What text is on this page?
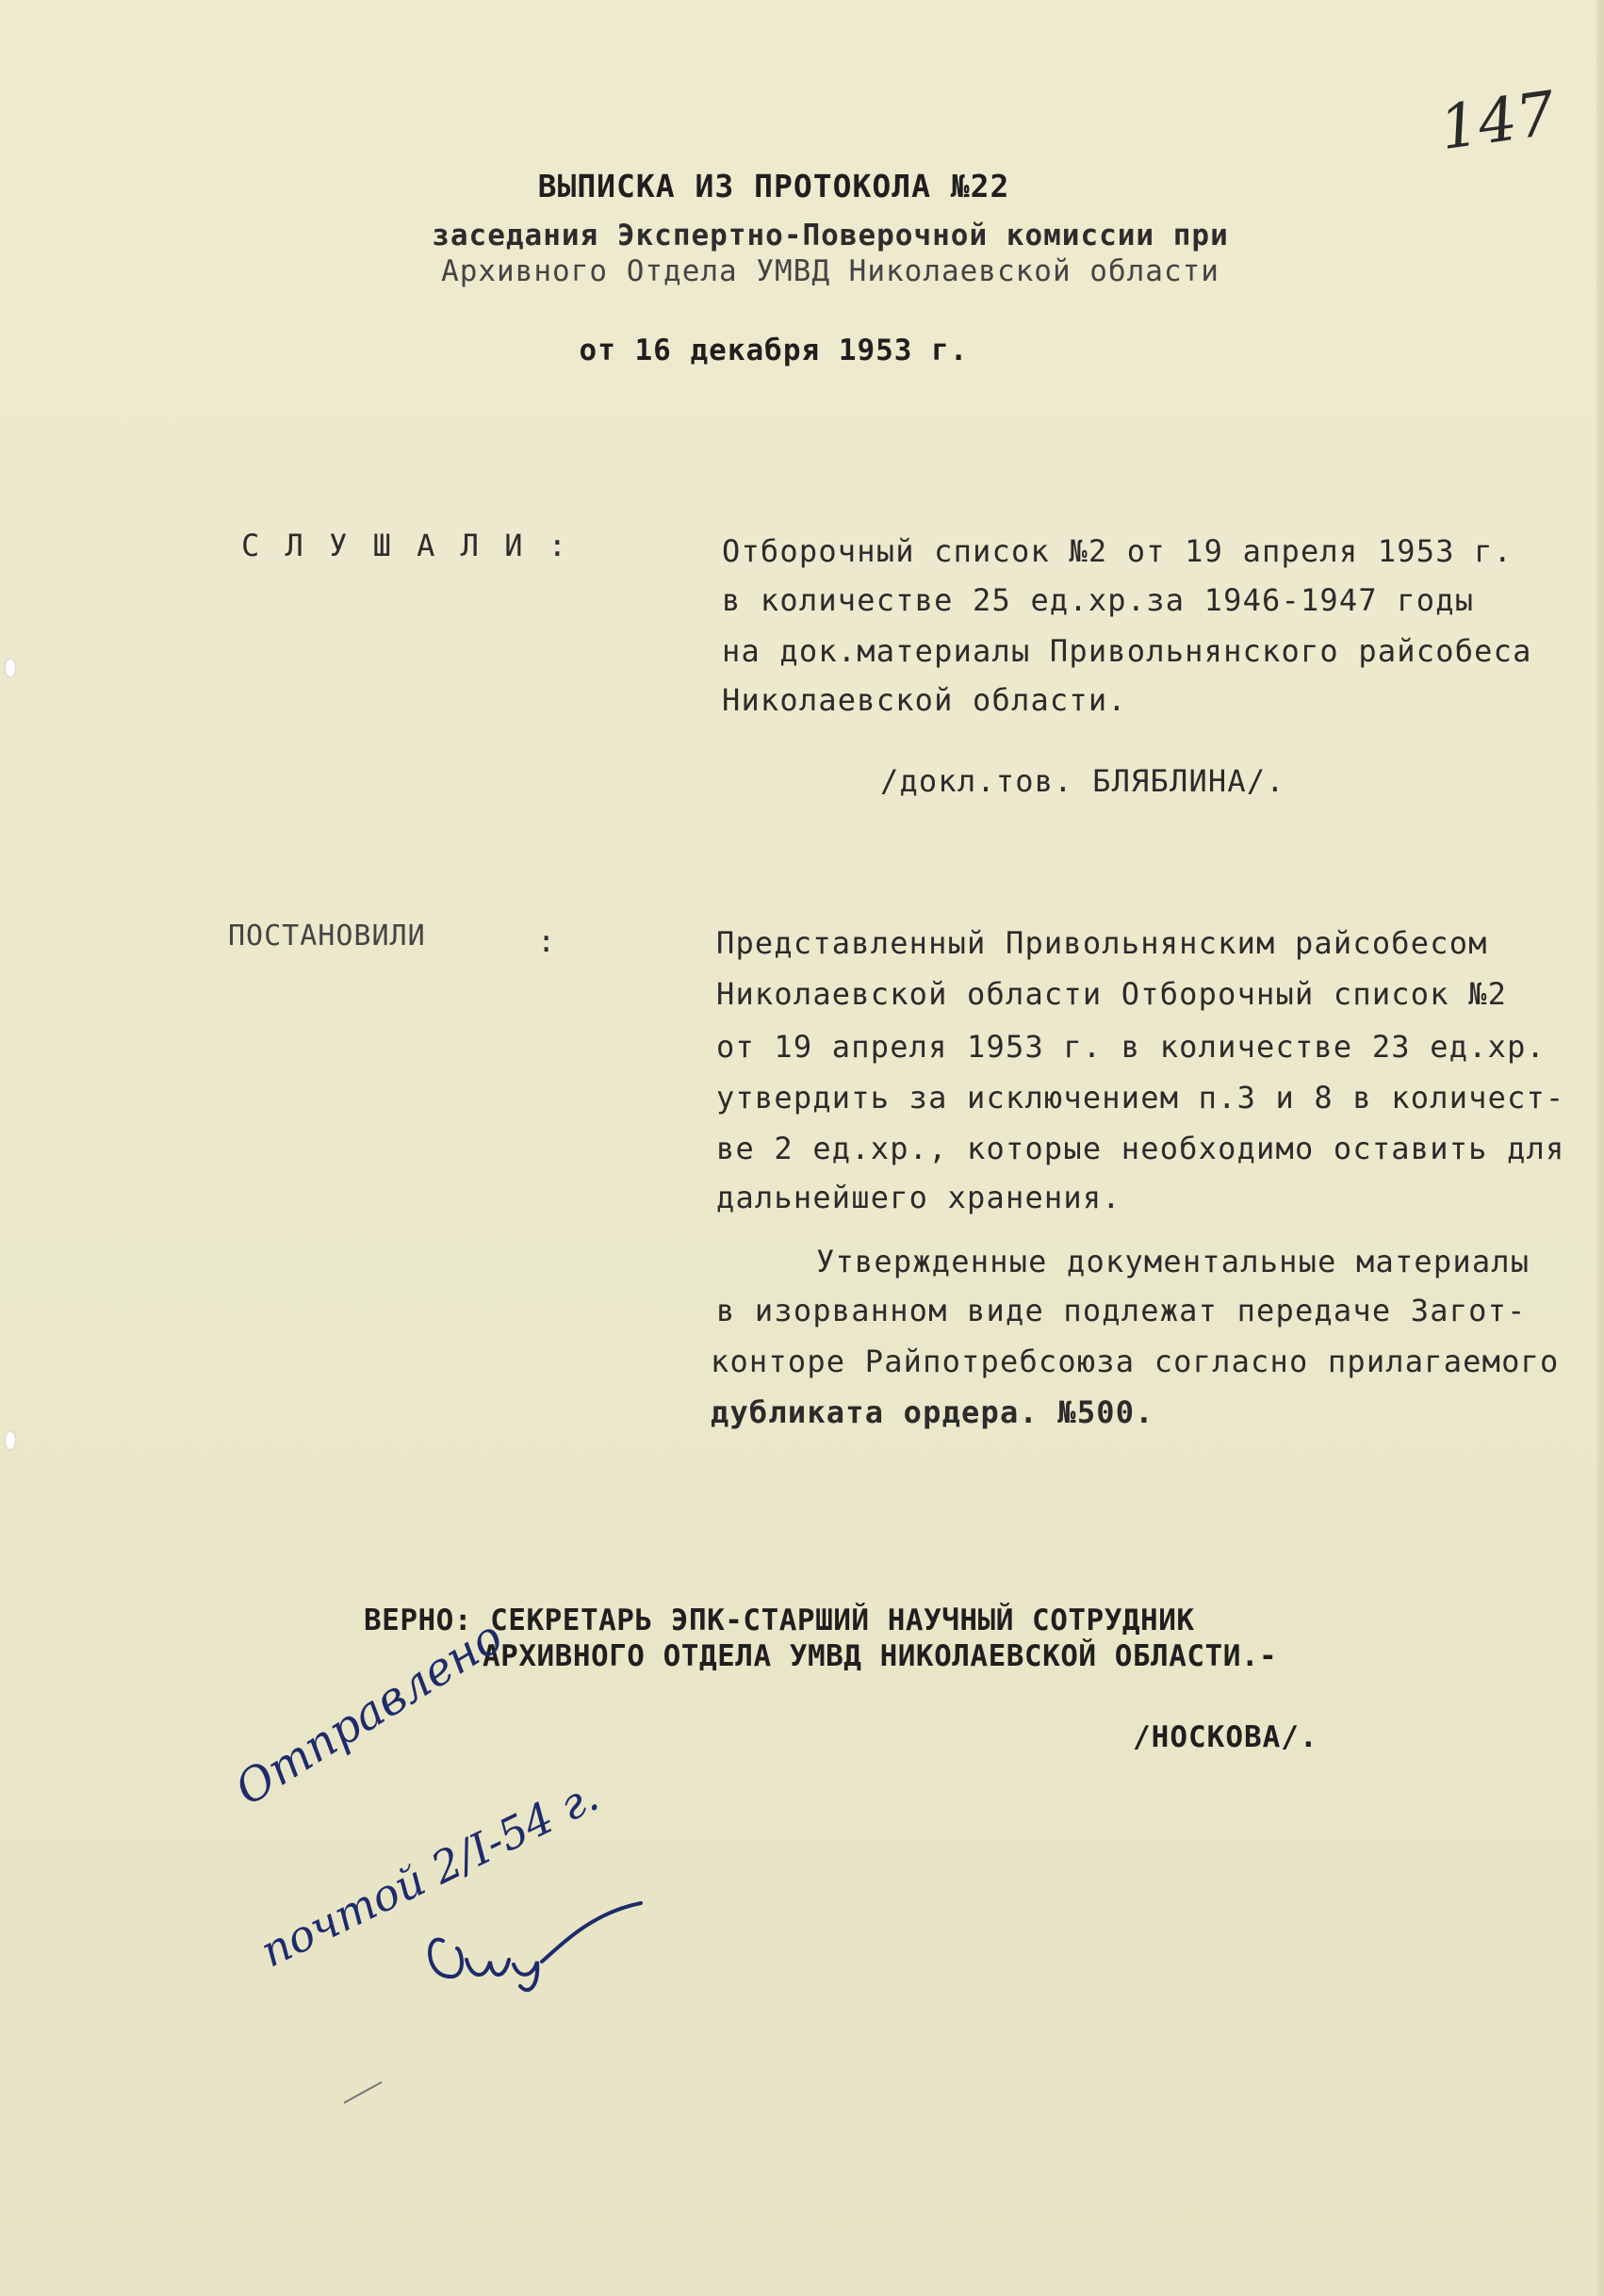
147
ВЫПИСКА ИЗ ПРОТОКОЛА №22
заседания Экспертно-Поверочной комиссии при
Архивного Отдела УМВД Николаевской области
от 16 декабря 1953 г.
С Л У Ш А Л И :	Отборочный список №2 от 19 апреля 1953 г.
в количестве 25 ед.хр.за 1946-1947 годы
на док.материалы Привольнянского райсобеса
Николаевской области.
/докл.тов. БЛЯБЛИНА/.
ПОСТАНОВИЛИ	:	Представленный Привольнянским райсобесом
Николаевской области Отборочный список №2
от 19 апреля 1953 г. в количестве 23 ед.хр.
утвердить за исключением п.3 и 8 в количест-
ве 2 ед.хр., которые необходимо оставить для
дальнейшего хранения.
Утвержденные документальные материалы
в изорванном виде подлежат передаче Загот-
конторе Райпотребсоюза согласно прилагаемого
дубликата ордера. №500.
ВЕРНО: СЕКРЕТАРЬ ЭПК-СТАРШИЙ НАУЧНЫЙ СОТРУДНИК
АРХИВНОГО ОТДЕЛА УМВД НИКОЛАЕВСКОЙ ОБЛАСТИ.-
/НОСКОВА/.
Отправлено
почтой 2/I-54 г.
